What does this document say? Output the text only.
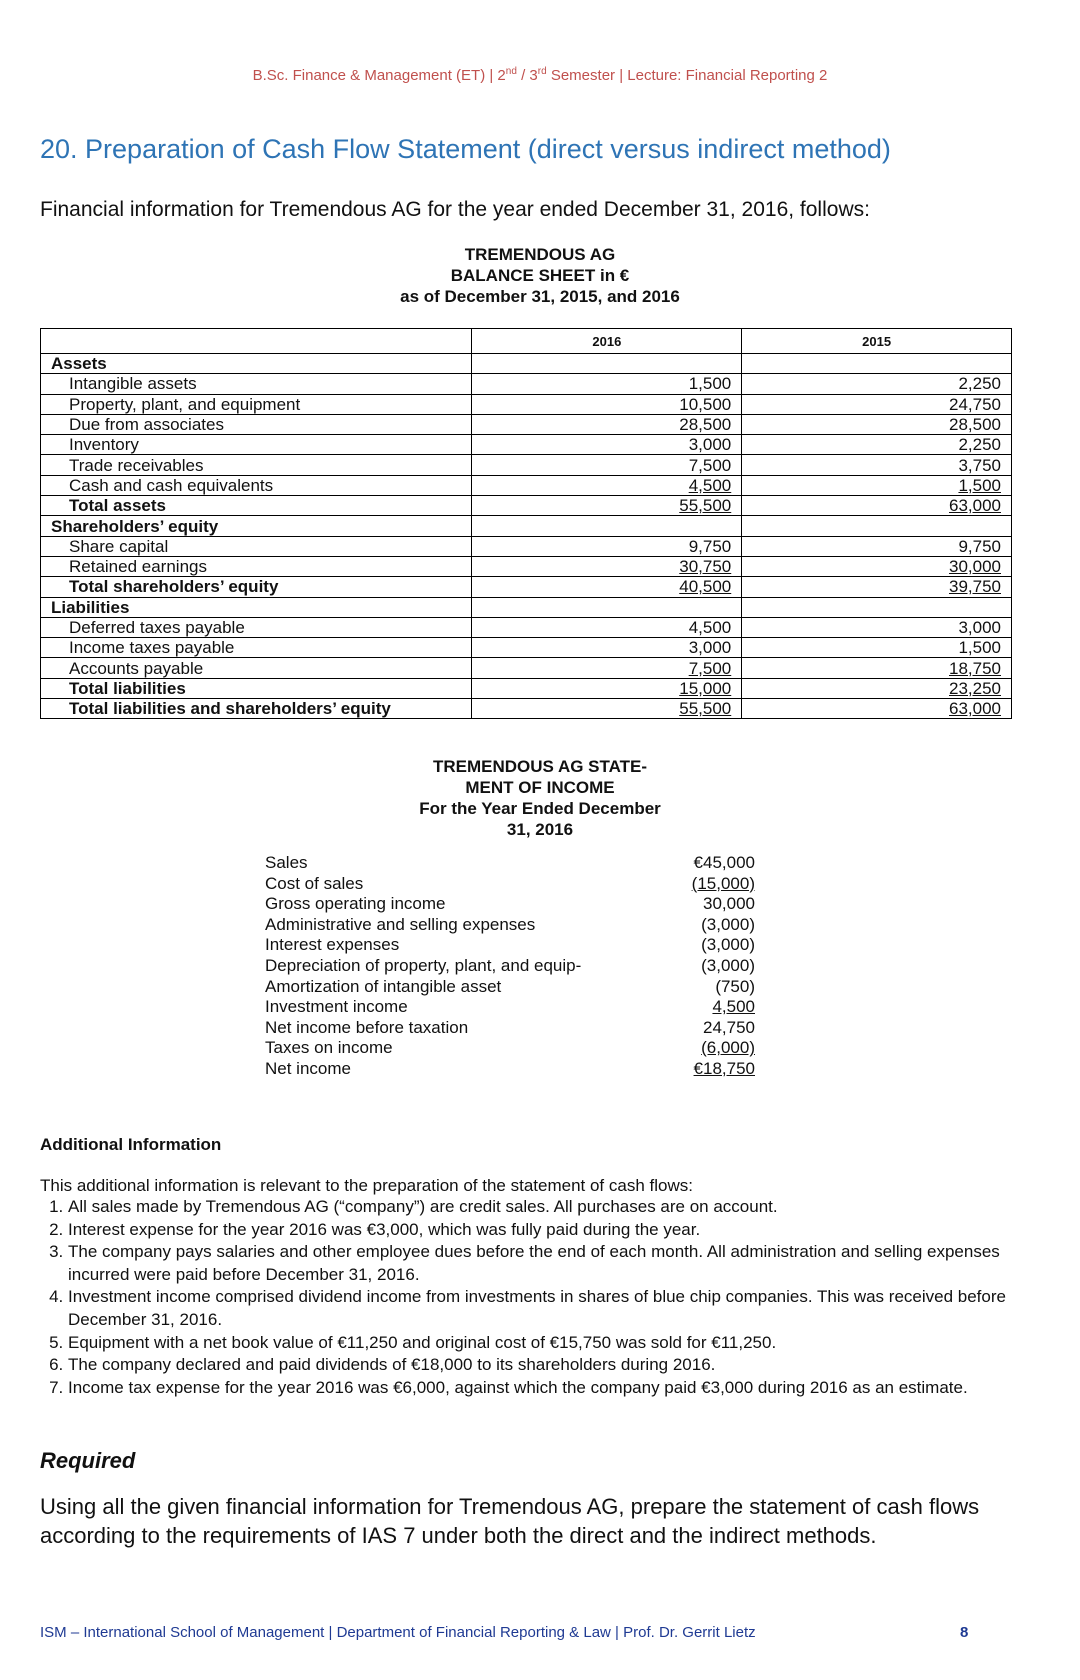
B.Sc. Finance & Management (ET) | 2nd / 3rd Semester | Lecture: Financial Reporting 2
20. Preparation of Cash Flow Statement (direct versus indirect method)

Financial information for Tremendous AG for the year ended December 31, 2016, follows:

TREMENDOUS AG
BALANCE SHEET in €
as of December 31, 2015, and 2016
	2016	2015
Assets		
Intangible assets	1,500	2,250
Property, plant, and equipment	10,500	24,750
Due from associates	28,500	28,500
Inventory	3,000	2,250
Trade receivables	7,500	3,750
Cash and cash equivalents	4,500	1,500
Total assets	55,500	63,000
Shareholders’ equity		
Share capital	9,750	9,750
Retained earnings	30,750	30,000
Total shareholders’ equity	40,500	39,750
Liabilities		
Deferred taxes payable	4,500	3,000
Income taxes payable	3,000	1,500
Accounts payable	7,500	18,750
Total liabilities	15,000	23,250
Total liabilities and shareholders’ equity	55,500	63,000
TREMENDOUS AG STATE-
MENT OF INCOME
For the Year Ended December
31, 2016
Sales	€45,000
Cost of sales	(15,000)
Gross operating income	30,000
Administrative and selling expenses	(3,000)
Interest expenses	(3,000)
Depreciation of property, plant, and equip-	(3,000)
Amortization of intangible asset	(750)
Investment income	4,500
Net income before taxation	24,750
Taxes on income	(6,000)
Net income	€18,750
Additional Information
This additional information is relevant to the preparation of the statement of cash flows:
1. All sales made by Tremendous AG (“company”) are credit sales. All purchases are on account.
2. Interest expense for the year 2016 was €3,000, which was fully paid during the year.
3. The company pays salaries and other employee dues before the end of each month. All administration and selling expenses incurred were paid before December 31, 2016.
4. Investment income comprised dividend income from investments in shares of blue chip companies. This was received before December 31, 2016.
5. Equipment with a net book value of €11,250 and original cost of €15,750 was sold for €11,250.
6. The company declared and paid dividends of €18,000 to its shareholders during 2016.
7. Income tax expense for the year 2016 was €6,000, against which the company paid €3,000 during 2016 as an estimate.
Required

Using all the given financial information for Tremendous AG, prepare the statement of cash flows according to the requirements of IAS 7 under both the direct and the indirect methods.

ISM – International School of Management | Department of Financial Reporting & Law | Prof. Dr. Gerrit Lietz	8
